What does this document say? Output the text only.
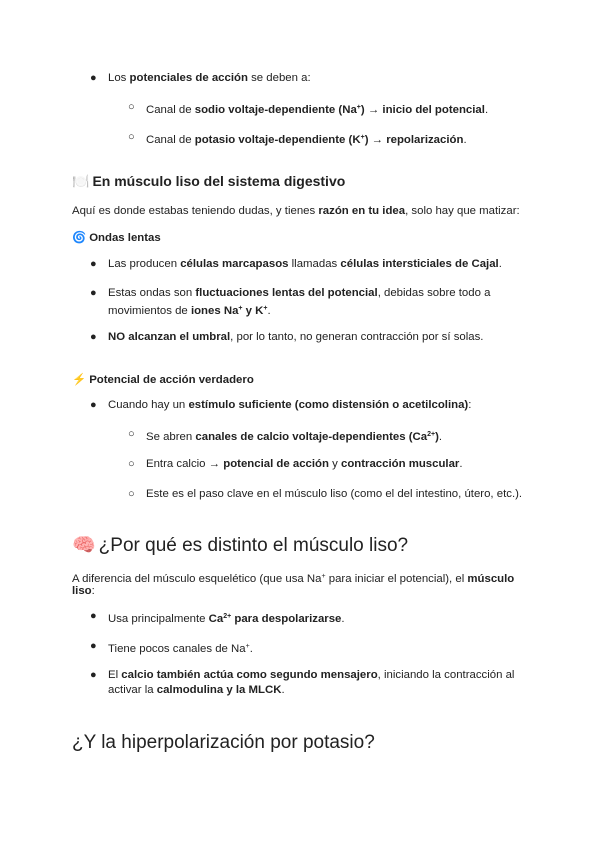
● Los potenciales de acción se deben a:
○ Canal de sodio voltaje-dependiente (Na+) → inicio del potencial.
○ Canal de potasio voltaje-dependiente (K+) → repolarización.
🍽️ En músculo liso del sistema digestivo
Aquí es donde estabas teniendo dudas, y tienes razón en tu idea, solo hay que matizar:
🌀 Ondas lentas
● Las producen células marcapasos llamadas células intersticiales de Cajal.
● Estas ondas son fluctuaciones lentas del potencial, debidas sobre todo a
movimientos de iones Na+ y K+.
● NO alcanzan el umbral, por lo tanto, no generan contracción por sí solas.
⚡ Potencial de acción verdadero
● Cuando hay un estímulo suficiente (como distensión o acetilcolina):
○ Se abren canales de calcio voltaje-dependientes $(Ca^{2+})$.
○ Entra calcio → potencial de acción y contracción muscular.
○ Este es el paso clave en el músculo liso (como el del intestino, útero, etc.).
🧠 ¿Por qué es distinto el músculo liso?
A diferencia del músculo esquelético (que usa Na+ para iniciar el potencial), el músculo
liso:
● Usa principalmente $Ca^{2+}$ para despolarizarse.
● Tiene pocos canales de Na+.
● El calcio también actúa como segundo mensajero, iniciando la contracción al
activar la calmodulina y la MLCK.
¿Y la hiperpolarización por potasio?
